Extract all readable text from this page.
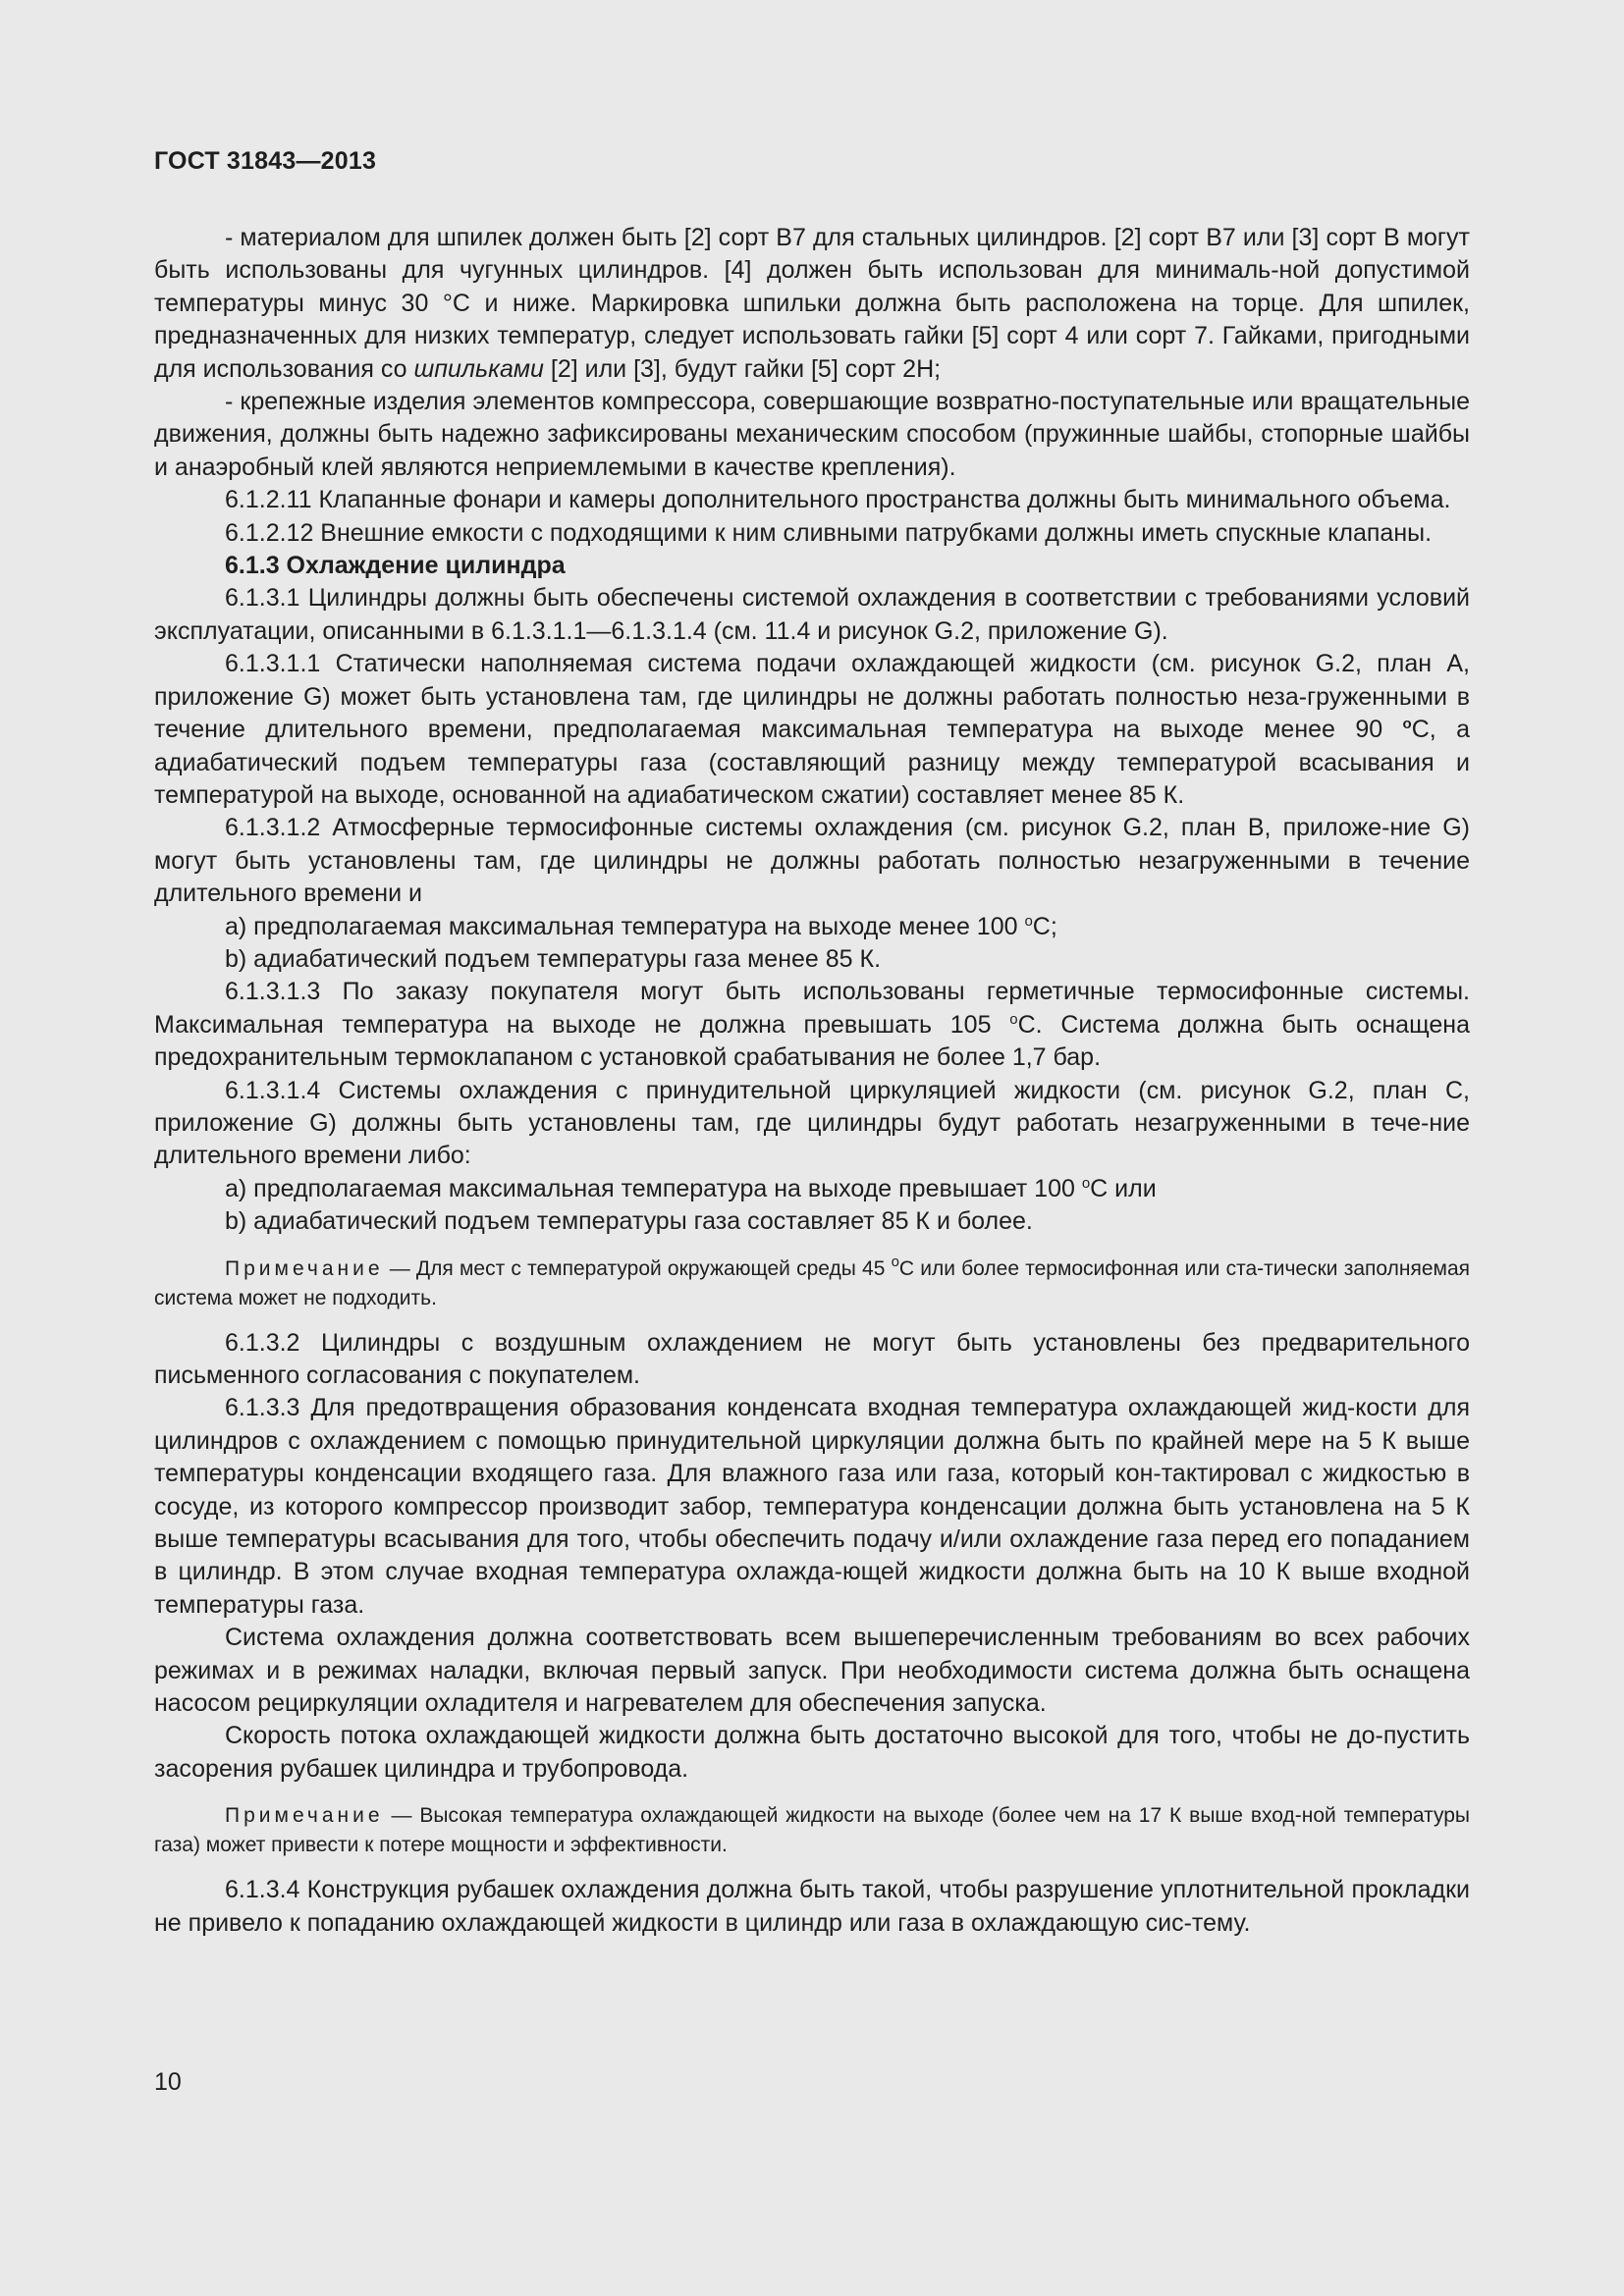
ГОСТ 31843—2013

- материалом для шпилек должен быть [2] сорт B7 для стальных цилиндров. [2] сорт B7 или [3] сорт B могут быть использованы для чугунных цилиндров. [4] должен быть использован для минималь-ной допустимой температуры минус 30 °С и ниже. Маркировка шпильки должна быть расположена на торце. Для шпилек, предназначенных для низких температур, следует использовать гайки [5] сорт 4 или сорт 7. Гайками, пригодными для использования со шпильками [2] или [3], будут гайки [5] сорт 2Н;

- крепежные изделия элементов компрессора, совершающие возвратно-поступательные или вращательные движения, должны быть надежно зафиксированы механическим способом (пружинные шайбы, стопорные шайбы и анаэробный клей являются неприемлемыми в качестве крепления).

6.1.2.11 Клапанные фонари и камеры дополнительного пространства должны быть минимального объема.

6.1.2.12 Внешние емкости с подходящими к ним сливными патрубками должны иметь спускные клапаны.

6.1.3 Охлаждение цилиндра

6.1.3.1 Цилиндры должны быть обеспечены системой охлаждения в соответствии с требованиями условий эксплуатации, описанными в 6.1.3.1.1—6.1.3.1.4 (см. 11.4 и рисунок G.2, приложение G).

6.1.3.1.1 Статически наполняемая система подачи охлаждающей жидкости (см. рисунок G.2, план А, приложение G) может быть установлена там, где цилиндры не должны работать полностью неза-груженными в течение длительного времени, предполагаемая максимальная температура на выходе менее 90 $^о$С, а адиабатический подъем температуры газа (составляющий разницу между температурой всасывания и температурой на выходе, основанной на адиабатическом сжатии) составляет менее 85 К.

6.1.3.1.2 Атмосферные термосифонные системы охлаждения (см. рисунок G.2, план В, приложе-ние G) могут быть установлены там, где цилиндры не должны работать полностью незагруженными в течение длительного времени и

a) предполагаемая максимальная температура на выходе менее 100 $^о$С;

b) адиабатический подъем температуры газа менее 85 К.

6.1.3.1.3 По заказу покупателя могут быть использованы герметичные термосифонные системы. Максимальная температура на выходе не должна превышать 105 $^о$С. Система должна быть оснащена предохранительным термоклапаном с установкой срабатывания не более 1,7 бар.

6.1.3.1.4 Системы охлаждения с принудительной циркуляцией жидкости (см. рисунок G.2, план С, приложение G) должны быть установлены там, где цилиндры будут работать незагруженными в тече-ние длительного времени либо:

a) предполагаемая максимальная температура на выходе превышает 100 $^о$С или

b) адиабатический подъем температуры газа составляет 85 К и более.

Примечание — Для мест с температурой окружающей среды 45 $^о$С или более термосифонная или ста-тически заполняемая система может не подходить.

6.1.3.2 Цилиндры с воздушным охлаждением не могут быть установлены без предварительного письменного согласования с покупателем.

6.1.3.3 Для предотвращения образования конденсата входная температура охлаждающей жид-кости для цилиндров с охлаждением с помощью принудительной циркуляции должна быть по крайней мере на 5 К выше температуры конденсации входящего газа. Для влажного газа или газа, который кон-тактировал с жидкостью в сосуде, из которого компрессор производит забор, температура конденсации должна быть установлена на 5 К выше температуры всасывания для того, чтобы обеспечить подачу и/или охлаждение газа перед его попаданием в цилиндр. В этом случае входная температура охлажда-ющей жидкости должна быть на 10 К выше входной температуры газа.

Система охлаждения должна соответствовать всем вышеперечисленным требованиям во всех рабочих режимах и в режимах наладки, включая первый запуск. При необходимости система должна быть оснащена насосом рециркуляции охладителя и нагревателем для обеспечения запуска.

Скорость потока охлаждающей жидкости должна быть достаточно высокой для того, чтобы не до-пустить засорения рубашек цилиндра и трубопровода.

Примечание — Высокая температура охлаждающей жидкости на выходе (более чем на 17 К выше вход-ной температуры газа) может привести к потере мощности и эффективности.

6.1.3.4 Конструкция рубашек охлаждения должна быть такой, чтобы разрушение уплотнительной прокладки не привело к попаданию охлаждающей жидкости в цилиндр или газа в охлаждающую сис-тему.

10
